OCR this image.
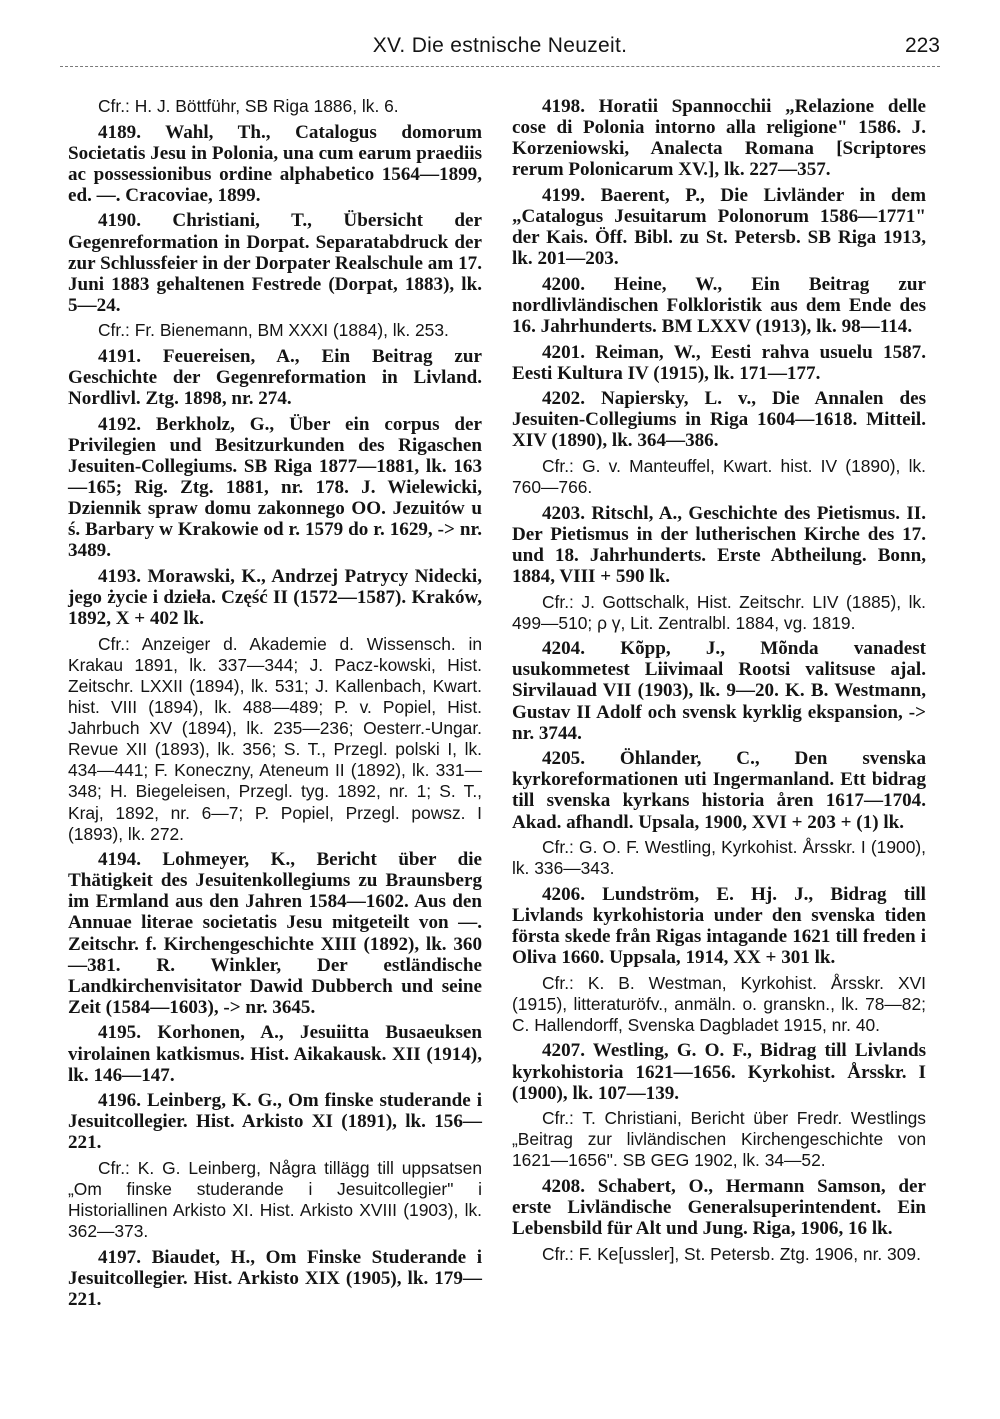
XV. Die estnische Neuzeit.	223

Cfr.: H. J. Böttführ, SB Riga 1886, lk. 6.

4189. Wahl, Th., Catalogus domorum Societatis Jesu in Polonia, una cum earum praediis ac possessionibus ordine alphabetico 1564—1899, ed. —. Cracoviae, 1899.

4190. Christiani, T., Übersicht der Gegenreformation in Dorpat. Separatabdruck der zur Schlussfeier in der Dorpater Realschule am 17. Juni 1883 gehaltenen Festrede (Dorpat, 1883), lk. 5—24.

Cfr.: Fr. Bienemann, BM XXXI (1884), lk. 253.

4191. Feuereisen, A., Ein Beitrag zur Geschichte der Gegenreformation in Livland. Nordlivl. Ztg. 1898, nr. 274.

4192. Berkholz, G., Über ein corpus der Privilegien und Besitzurkunden des Rigaschen Jesuiten-Collegiums. SB Riga 1877—1881, lk. 163—165; Rig. Ztg. 1881, nr. 178. J. Wielewicki, Dziennik spraw domu zakonnego OO. Jezuitów u ś. Barbary w Krakowie od r. 1579 do r. 1629, -> nr. 3489.

4193. Morawski, K., Andrzej Patrycy Nidecki, jego życie i dzieła. Część II (1572—1587). Kraków, 1892, X + 402 lk.

Cfr.: Anzeiger d. Akademie d. Wissensch. in Krakau 1891, lk. 337—344; J. Pacz-kowski, Hist. Zeitschr. LXXII (1894), lk. 531; J. Kallenbach, Kwart. hist. VIII (1894), lk. 488—489; P. v. Popiel, Hist. Jahrbuch XV (1894), lk. 235—236; Oesterr.-Ungar. Revue XII (1893), lk. 356; S. T., Przegl. polski I, lk. 434—441; F. Koneczny, Ateneum II (1892), lk. 331—348; H. Biegeleisen, Przegl. tyg. 1892, nr. 1; S. T., Kraj, 1892, nr. 6—7; P. Popiel, Przegl. powsz. I (1893), lk. 272.

4194. Lohmeyer, K., Bericht über die Thätigkeit des Jesuitenkollegiums zu Braunsberg im Ermland aus den Jahren 1584—1602. Aus den Annuae literae societatis Jesu mitgeteilt von —. Zeitschr. f. Kirchengeschichte XIII (1892), lk. 360—381. R. Winkler, Der estländische Landkirchenvisitator Dawid Dubberch und seine Zeit (1584—1603), -> nr. 3645.

4195. Korhonen, A., Jesuiitta Busaeuksen virolainen katkismus. Hist. Aikakausk. XII (1914), lk. 146—147.

4196. Leinberg, K. G., Om finske studerande i Jesuitcollegier. Hist. Arkisto XI (1891), lk. 156—221.

Cfr.: K. G. Leinberg, Några tillägg till uppsatsen „Om finske studerande i Jesuitcollegier" i Historiallinen Arkisto XI. Hist. Arkisto XVIII (1903), lk. 362—373.

4197. Biaudet, H., Om Finske Studerande i Jesuitcollegier. Hist. Arkisto XIX (1905), lk. 179—221.

4198. Horatii Spannocchii „Relazione delle cose di Polonia intorno alla religione" 1586. J. Korzeniowski, Analecta Romana [Scriptores rerum Polonicarum XV.], lk. 227—357.

4199. Baerent, P., Die Livländer in dem „Catalogus Jesuitarum Polonorum 1586—1771" der Kais. Öff. Bibl. zu St. Petersb. SB Riga 1913, lk. 201—203.

4200. Heine, W., Ein Beitrag zur nordlivländischen Folkloristik aus dem Ende des 16. Jahrhunderts. BM LXXV (1913), lk. 98—114.

4201. Reiman, W., Eesti rahva usuelu 1587. Eesti Kultura IV (1915), lk. 171—177.

4202. Napiersky, L. v., Die Annalen des Jesuiten-Collegiums in Riga 1604—1618. Mitteil. XIV (1890), lk. 364—386.

Cfr.: G. v. Manteuffel, Kwart. hist. IV (1890), lk. 760—766.

4203. Ritschl, A., Geschichte des Pietismus. II. Der Pietismus in der lutherischen Kirche des 17. und 18. Jahrhunderts. Erste Abtheilung. Bonn, 1884, VIII + 590 lk.

Cfr.: J. Gottschalk, Hist. Zeitschr. LIV (1885), lk. 499—510; ρ γ, Lit. Zentralbl. 1884, vg. 1819.

4204. Kõpp, J., Mõnda vanadest usukommetest Liivimaal Rootsi valitsuse ajal. Sirvilauad VII (1903), lk. 9—20. K. B. Westmann, Gustav II Adolf och svensk kyrklig ekspansion, -> nr. 3744.

4205. Öhlander, C., Den svenska kyrkoreformationen uti Ingermanland. Ett bidrag till svenska kyrkans historia åren 1617—1704. Akad. afhandl. Upsala, 1900, XVI + 203 + (1) lk.

Cfr.: G. O. F. Westling, Kyrkohist. Årsskr. I (1900), lk. 336—343.

4206. Lundström, E. Hj. J., Bidrag till Livlands kyrkohistoria under den svenska tiden första skede från Rigas intagande 1621 till freden i Oliva 1660. Uppsala, 1914, XX + 301 lk.

Cfr.: K. B. Westman, Kyrkohist. Årsskr. XVI (1915), litteraturöfv., anmäln. o. granskn., lk. 78—82; C. Hallendorff, Svenska Dagbladet 1915, nr. 40.

4207. Westling, G. O. F., Bidrag till Livlands kyrkohistoria 1621—1656. Kyrkohist. Årsskr. I (1900), lk. 107—139.

Cfr.: T. Christiani, Bericht über Fredr. Westlings „Beitrag zur livländischen Kirchengeschichte von 1621—1656". SB GEG 1902, lk. 34—52.

4208. Schabert, O., Hermann Samson, der erste Livländische Generalsuperintendent. Ein Lebensbild für Alt und Jung. Riga, 1906, 16 lk.

Cfr.: F. Ke[ussler], St. Petersb. Ztg. 1906, nr. 309.
